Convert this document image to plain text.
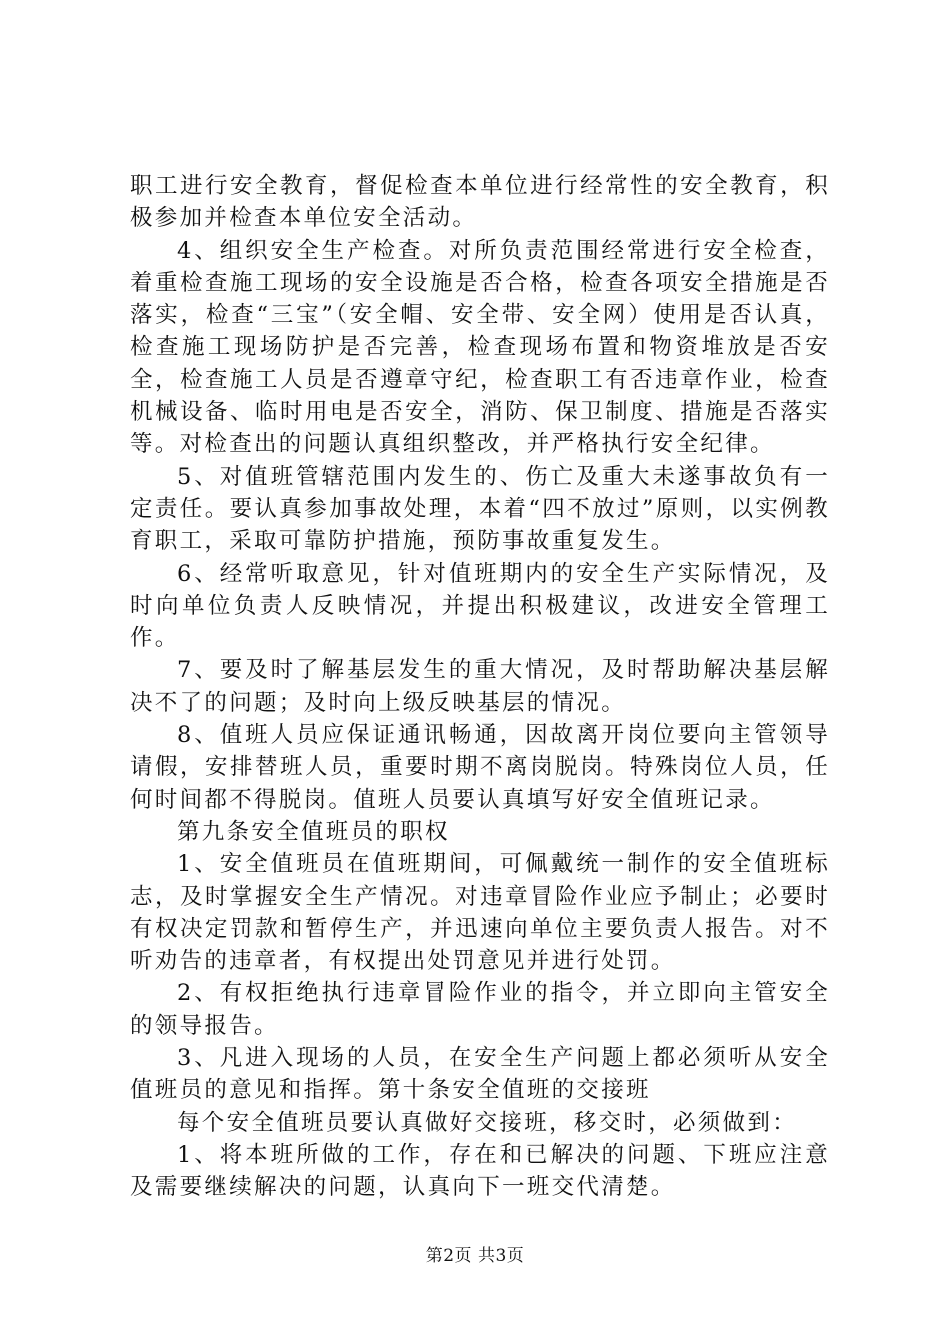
职工进行安全教育，督促检查本单位进行经常性的安全教育，积极参加并检查本单位安全活动。

4、组织安全生产检查。对所负责范围经常进行安全检查，着重检查施工现场的安全设施是否合格，检查各项安全措施是否落实，检查“三宝”（安全帽、安全带、安全网）使用是否认真，检查施工现场防护是否完善，检查现场布置和物资堆放是否安全，检查施工人员是否遵章守纪，检查职工有否违章作业，检查机械设备、临时用电是否安全，消防、保卫制度、措施是否落实等。对检查出的问题认真组织整改，并严格执行安全纪律。

5、对值班管辖范围内发生的、伤亡及重大未遂事故负有一定责任。要认真参加事故处理，本着“四不放过”原则，以实例教育职工，采取可靠防护措施，预防事故重复发生。

6、经常听取意见，针对值班期内的安全生产实际情况，及时向单位负责人反映情况，并提出积极建议，改进安全管理工作。

7、要及时了解基层发生的重大情况，及时帮助解决基层解决不了的问题；及时向上级反映基层的情况。

8、值班人员应保证通讯畅通，因故离开岗位要向主管领导请假，安排替班人员，重要时期不离岗脱岗。特殊岗位人员，任何时间都不得脱岗。值班人员要认真填写好安全值班记录。

第九条安全值班员的职权

1、安全值班员在值班期间，可佩戴统一制作的安全值班标志，及时掌握安全生产情况。对违章冒险作业应予制止；必要时有权决定罚款和暂停生产，并迅速向单位主要负责人报告。对不听劝告的违章者，有权提出处罚意见并进行处罚。

2、有权拒绝执行违章冒险作业的指令，并立即向主管安全的领导报告。

3、凡进入现场的人员，在安全生产问题上都必须听从安全值班员的意见和指挥。第十条安全值班的交接班

每个安全值班员要认真做好交接班，移交时，必须做到：

1、将本班所做的工作，存在和已解决的问题、下班应注意及需要继续解决的问题，认真向下一班交代清楚。

第2页 共3页
